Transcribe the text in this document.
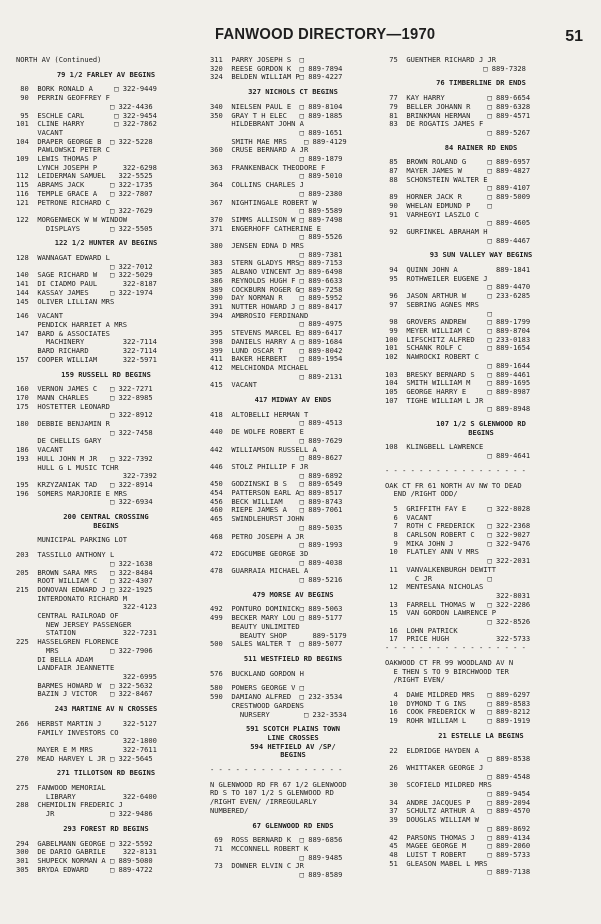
FANWOOD DIRECTORY—1970	51
NORTH AV (Continued)
79 1/2 FARLEY AV BEGINS
80  BORK RONALD A     □ 322-9449
90  PERRIN GEOFFREY F
□ 322-4436
95  ESCHLE CARL       □ 322-9454
101  CLINE HARRY       □ 322-7862
VACANT
104  DRAPER GEORGE B  □ 322-5228
PAWLOWSKI PETER C
109  LEWIS THOMAS P
LYNCH JOSEPH P      322-6298
112  LEIDERMAN SAMUEL   322-5525
115  ABRAMS JACK      □ 322-1735
116  TEMPLE GRACE A   □ 322-7807
121  PETRONE RICHARD C
□ 322-7629
122  MORGENWECK W W WINDOW
DISPLAYS       □ 322-5505
122 1/2 HUNTER AV BEGINS
128  WANNAGAT EDWARD L
□ 322-7012
140  SAGE RICHARD W   □ 322-5029
141  DI CIADMO PAUL      322-8187
144  KASSAY JAMES     □ 322-1974
145  OLIVER LILLIAN MRS
146  VACANT
PENDICK HARRIET A MRS
147  BARD & ASSOCIATES
MACHINERY         322-7114
BARD RICHARD        322-7114
157  COOPER WILLIAM      322-5971
159 RUSSELL RD BEGINS
160  VERNON JAMES C   □ 322-7271
170  MANN CHARLES     □ 322-8985
175  HOSTETTER LEONARD
□ 322-8912
180  DEBBIE BENJAMIN R
□ 322-7458
DE CHELLIS GARY
186  VACANT
193  HULL JOHN M JR   □ 322-7392
HULL G L MUSIC TCHR
322-7392
195  KRZYZANIAK TAD   □ 322-8914
196  SOMERS MARJORIE E MRS
□ 322-6934
200 CENTRAL CROSSING
BEGINS
MUNICIPAL PARKING LOT
203  TASSILLO ANTHONY L
□ 322-1638
205  BROWN SARA MRS   □ 322-8484
ROOT WILLIAM C   □ 322-4307
215  DONOVAN EDWARD J □ 322-1925
INTERDONATO RICHARD M
322-4123
CENTRAL RAILROAD OF
NEW JERSEY PASSENGER
STATION           322-7231
225  HASSELGREN FLORENCE
MRS            □ 322-7906
DI BELLA ADAM
LANDFAIR JEANNETTE
322-6995
BARMES HOWARD W  □ 322-5632
BAZIN J VICTOR   □ 322-8467
243 MARTINE AV N CROSSES
266  HERBST MARTIN J     322-5127
FAMILY INVESTORS CO
322-1800
MAYER E M MRS       322-7611
270  MEAD HARVEY L JR □ 322-5645
271 TILLOTSON RD BEGINS
275  FANWOOD MEMORIAL
LIBRARY           322-6400
288  CHEMIDLIN FREDERIC J
JR             □ 322-9486
293 FOREST RD BEGINS
294  GABELMANN GEORGE □ 322-5592
300  DE DARIO GABRILE    322-8131
301  SHUPECK NORMAN A □ 889-5080
305  BRYDA EDWARD     □ 889-4722
311  PARRY JOSEPH S  □
320  REESE GORDON K  □ 889-7894
324  BELDEN WILLIAM P□ 889-4227
327 NICHOLS CT BEGINS
340  NIELSEN PAUL E  □ 889-8104
350  GRAY T H ELEC   □ 889-1885
HILDEBRANT JOHN A
□ 889-1651
SMITH MAE MRS    □ 889-4129
360  CRUSE BERNARD A JR
□ 889-1879
363  FRANKENBACK THEODORE F
□ 889-5010
364  COLLINS CHARLES J
□ 889-2380
367  NIGHTINGALE ROBERT W
□ 889-5589
370  SIMMS ALLISON W □ 889-7498
371  ENGERHOFF CATHERINE E
□ 889-5526
380  JENSEN EDNA D MRS
□ 889-7381
383  STERN GLADYS MRS□ 889-7153
385  ALBANO VINCENT J□ 889-6498
386  REYNOLDS HUGH F □ 889-6633
389  COCKBURN ROGER G□ 889-7258
390  DAY NORMAN R    □ 889-5952
391  NUTTER HOWARD J □ 889-8417
394  AMBROSIO FERDINAND
□ 889-4975
395  STEVENS MARCEL E□ 889-6417
398  DANIELS HARRY A □ 889-1684
399  LUND OSCAR T    □ 889-8042
411  BAKER HERBERT   □ 889-1954
412  MELCHIONDA MICHAEL
□ 889-2131
415  VACANT
417 MIDWAY AV ENDS
418  ALTOBELLI HERMAN T
□ 889-4513
440  DE WOLFE ROBERT E
□ 889-7629
442  WILLIAMSON RUSSELL A
□ 889-8627
446  STOLZ PHILLIP F JR
□ 889-6892
450  GODZINSKI B S   □ 889-6549
454  PATTERSON EARL A□ 889-8517
456  BECK WILLIAM    □ 889-8743
460  RIEPE JAMES A   □ 889-7061
465  SWINDLEHURST JOHN
□ 889-5035
468  PETRO JOSEPH A JR
□ 889-1993
472  EDGCUMBE GEORGE 3D
□ 889-4038
478  GUARRAIA MICHAEL A
□ 889-5216
479 MORSE AV BEGINS
492  PONTURO DOMINICK□ 889-5063
499  BECKER MARY LOU □ 889-5177
BEAUTY UNLIMITED
BEAUTY SHOP      889-5179
500  SALES WALTER T  □ 889-5077
511 WESTFIELD RD BEGINS
576  BUCKLAND GORDON H
580  POWERS GEORGE V □
590  DAMIANO ALFRED  □ 232-3534
CRESTWOOD GARDENS
NURSERY        □ 232-3534
591 SCOTCH PLAINS TOWN
LINE CROSSES
594 HETFIELD AV /SP/
BEGINS
- - - - - - - - - - - - - - - -
N GLENWOOD RD FR 67 1/2 GLENWOOD
RD S TO 107 1/2 S GLENWOOD RD
/RIGHT EVEN/ /IRREGULARLY
NUMBERED/
67 GLENWOOD RD ENDS
69  ROSS BERNARD K  □ 889-6856
71  MCCONNELL ROBERT K
□ 889-9485
73  DOWNER ELVIN C JR
□ 889-8589
75  GUENTHER RICHARD J JR
□ 889-7328
76 TIMBERLINE DR ENDS
77  KAY HARRY          □ 889-6654
79  BELLER JOHANN R    □ 889-6328
81  BRINKMAN HERMAN    □ 889-4571
83  DE ROGATIS JAMES F
□ 889-5267
84 RAINER RD ENDS
85  BROWN ROLAND G     □ 889-6957
87  MAYER JAMES W      □ 889-4827
88  SCHONSTEIN WALTER E
□ 889-4107
89  HORNER JACK R      □ 889-5009
90  WHELAN EDMUND P    □
91  VARHEGYI LASZLO C
□ 889-4605
92  GURFINKEL ABRAHAM H
□ 889-4467
93 SUN VALLEY WAY BEGINS
94  QUINN JOHN A         889-1841
95  ROTHWEILER EUGENE J
□ 889-4470
96  JASON ARTHUR W     □ 233-6285
97  SEBRING AGNES MRS
□
98  GROVERS ANDREW     □ 889-1799
99  MEYER WILLIAM C    □ 889-8704
100  LIFSCHITZ ALFRED   □ 233-0183
101  SCHANK ROLF C      □ 889-1654
102  NAWROCKI ROBERT C
□ 889-1644
103  BRESKY BERNARD S   □ 889-4461
104  SMITH WILLIAM M    □ 889-1695
105  GEORGE HARRY E     □ 889-8987
107  TIGHE WILLIAM L JR
□ 889-8948
107 1/2 S GLENWOOD RD
BEGINS
108  KLINGBELL LAWRENCE
□ 889-4641
- - - - - - - - - - - - - - - - -
OAK CT FR 61 NORTH AV NW TO DEAD
END /RIGHT ODD/
5  GRIFFITH FAY E     □ 322-8028
6  VACANT
7  ROTH C FREDERICK   □ 322-2368
8  CARLSON ROBERT C   □ 322-9027
9  MIKA JOHN J        □ 322-9476
10  FLATLEY ANN V MRS
□ 322-2031
11  VANVALKENBURGH DEWITT
C JR             □
12  MENTESANA NICHOLAS
322-8031
13  FARRELL THOMAS W   □ 322-2286
15  VAN GORDON LAWRENCE P
□ 322-8526
16  LOHN PATRICK
17  PRICE HUGH           322-5733
- - - - - - - - - - - - - - - - -
OAKWOOD CT FR 99 WOODLAND AV N
E THEN S TO 9 BIRCHWOOD TER
/RIGHT EVEN/
4  DAWE MILDRED MRS   □ 889-6297
10  DYMOND T G INS     □ 889-8583
16  COOK FREDERICK W   □ 889-8212
19  ROHR WILLIAM L     □ 889-1919
21 ESTELLE LA BEGINS
22  ELDRIDGE HAYDEN A
□ 889-8538
26  WHITTAKER GEORGE J
□ 889-4548
30  SCOFIELD MILDRED MRS
□ 889-9454
34  ANDRE JACQUES P    □ 889-2094
37  SCHULTZ ARTHUR A   □ 889-4570
39  DOUGLAS WILLIAM W
□ 889-8692
42  PARSONS THOMAS J   □ 889-4134
45  MAGEE GEORGE M     □ 889-2060
48  LUIST T ROBERT     □ 889-5733
51  GLEASON MABEL L MRS
□ 889-7138
